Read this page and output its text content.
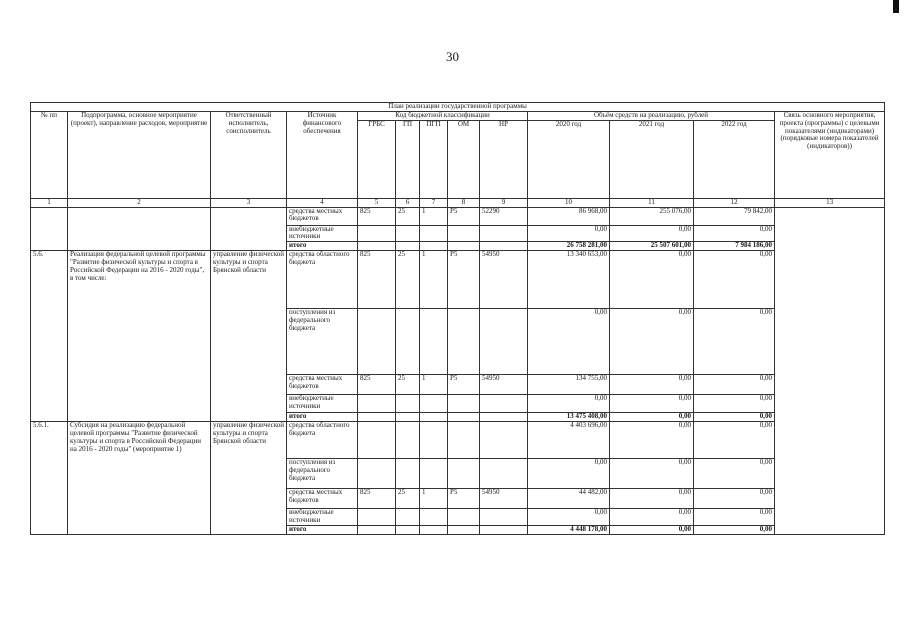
30
План реализации государственной программы												
№ пп	Подпрограмма, основное мероприятие (проект), направление расходов, мероприятие	Ответственный исполнитель, соисполнитель	Источник финансового обеспечения	Код бюджетной классификации					Объём средств на реализацию, рублей			Связь основного мероприятия, проекта (программы) с целевыми показателями (индикаторами) (порядковые номера показателей (индикаторов))
				ГРБС	ГП	ПГП	ОМ	НР	2020 год	2021 год	2022 год	
1	2	3	4	5	6	7	8	9	10	11	12	13
			средства местных бюджетов	825	25	1	P5	52290	86 968,00	255 076,00	79 842,00	
			внебюджетные источники						0,00	0,00	0,00	
			итого						26 758 281,00	25 507 601,00	7 984 186,00	
5.6.	Реализация федеральной целевой программы "Развитие физической культуры и спорта в Российской Федерации на 2016 - 2020 годы", в том числе:	управление физической культуры и спорта Брянской области	средства областного бюджета	825	25	1	P5	54950	13 340 653,00	0,00	0,00	
			поступления из федерального бюджета						0,00	0,00	0,00	
			средства местных бюджетов	825	25	1	P5	54950	134 755,00	0,00	0,00	
			внебюджетные источники						0,00	0,00	0,00	
			итого						13 475 408,00	0,00	0,00	
5.6.1.	Субсидия на реализацию федеральной целевой программы "Развитие физической культуры и спорта в Российской Федерации на 2016 - 2020 годы" (мероприятие 1)	управление физической культуры и спорта Брянской области	средства областного бюджета						4 403 696,00	0,00	0,00	
			поступления из федерального бюджета						0,00	0,00	0,00	
			средства местных бюджетов	825	25	1	P5	54950	44 482,00	0,00	0,00	
			внебюджетные источники						0,00	0,00	0,00	
			итого						4 448 178,00	0,00	0,00	
